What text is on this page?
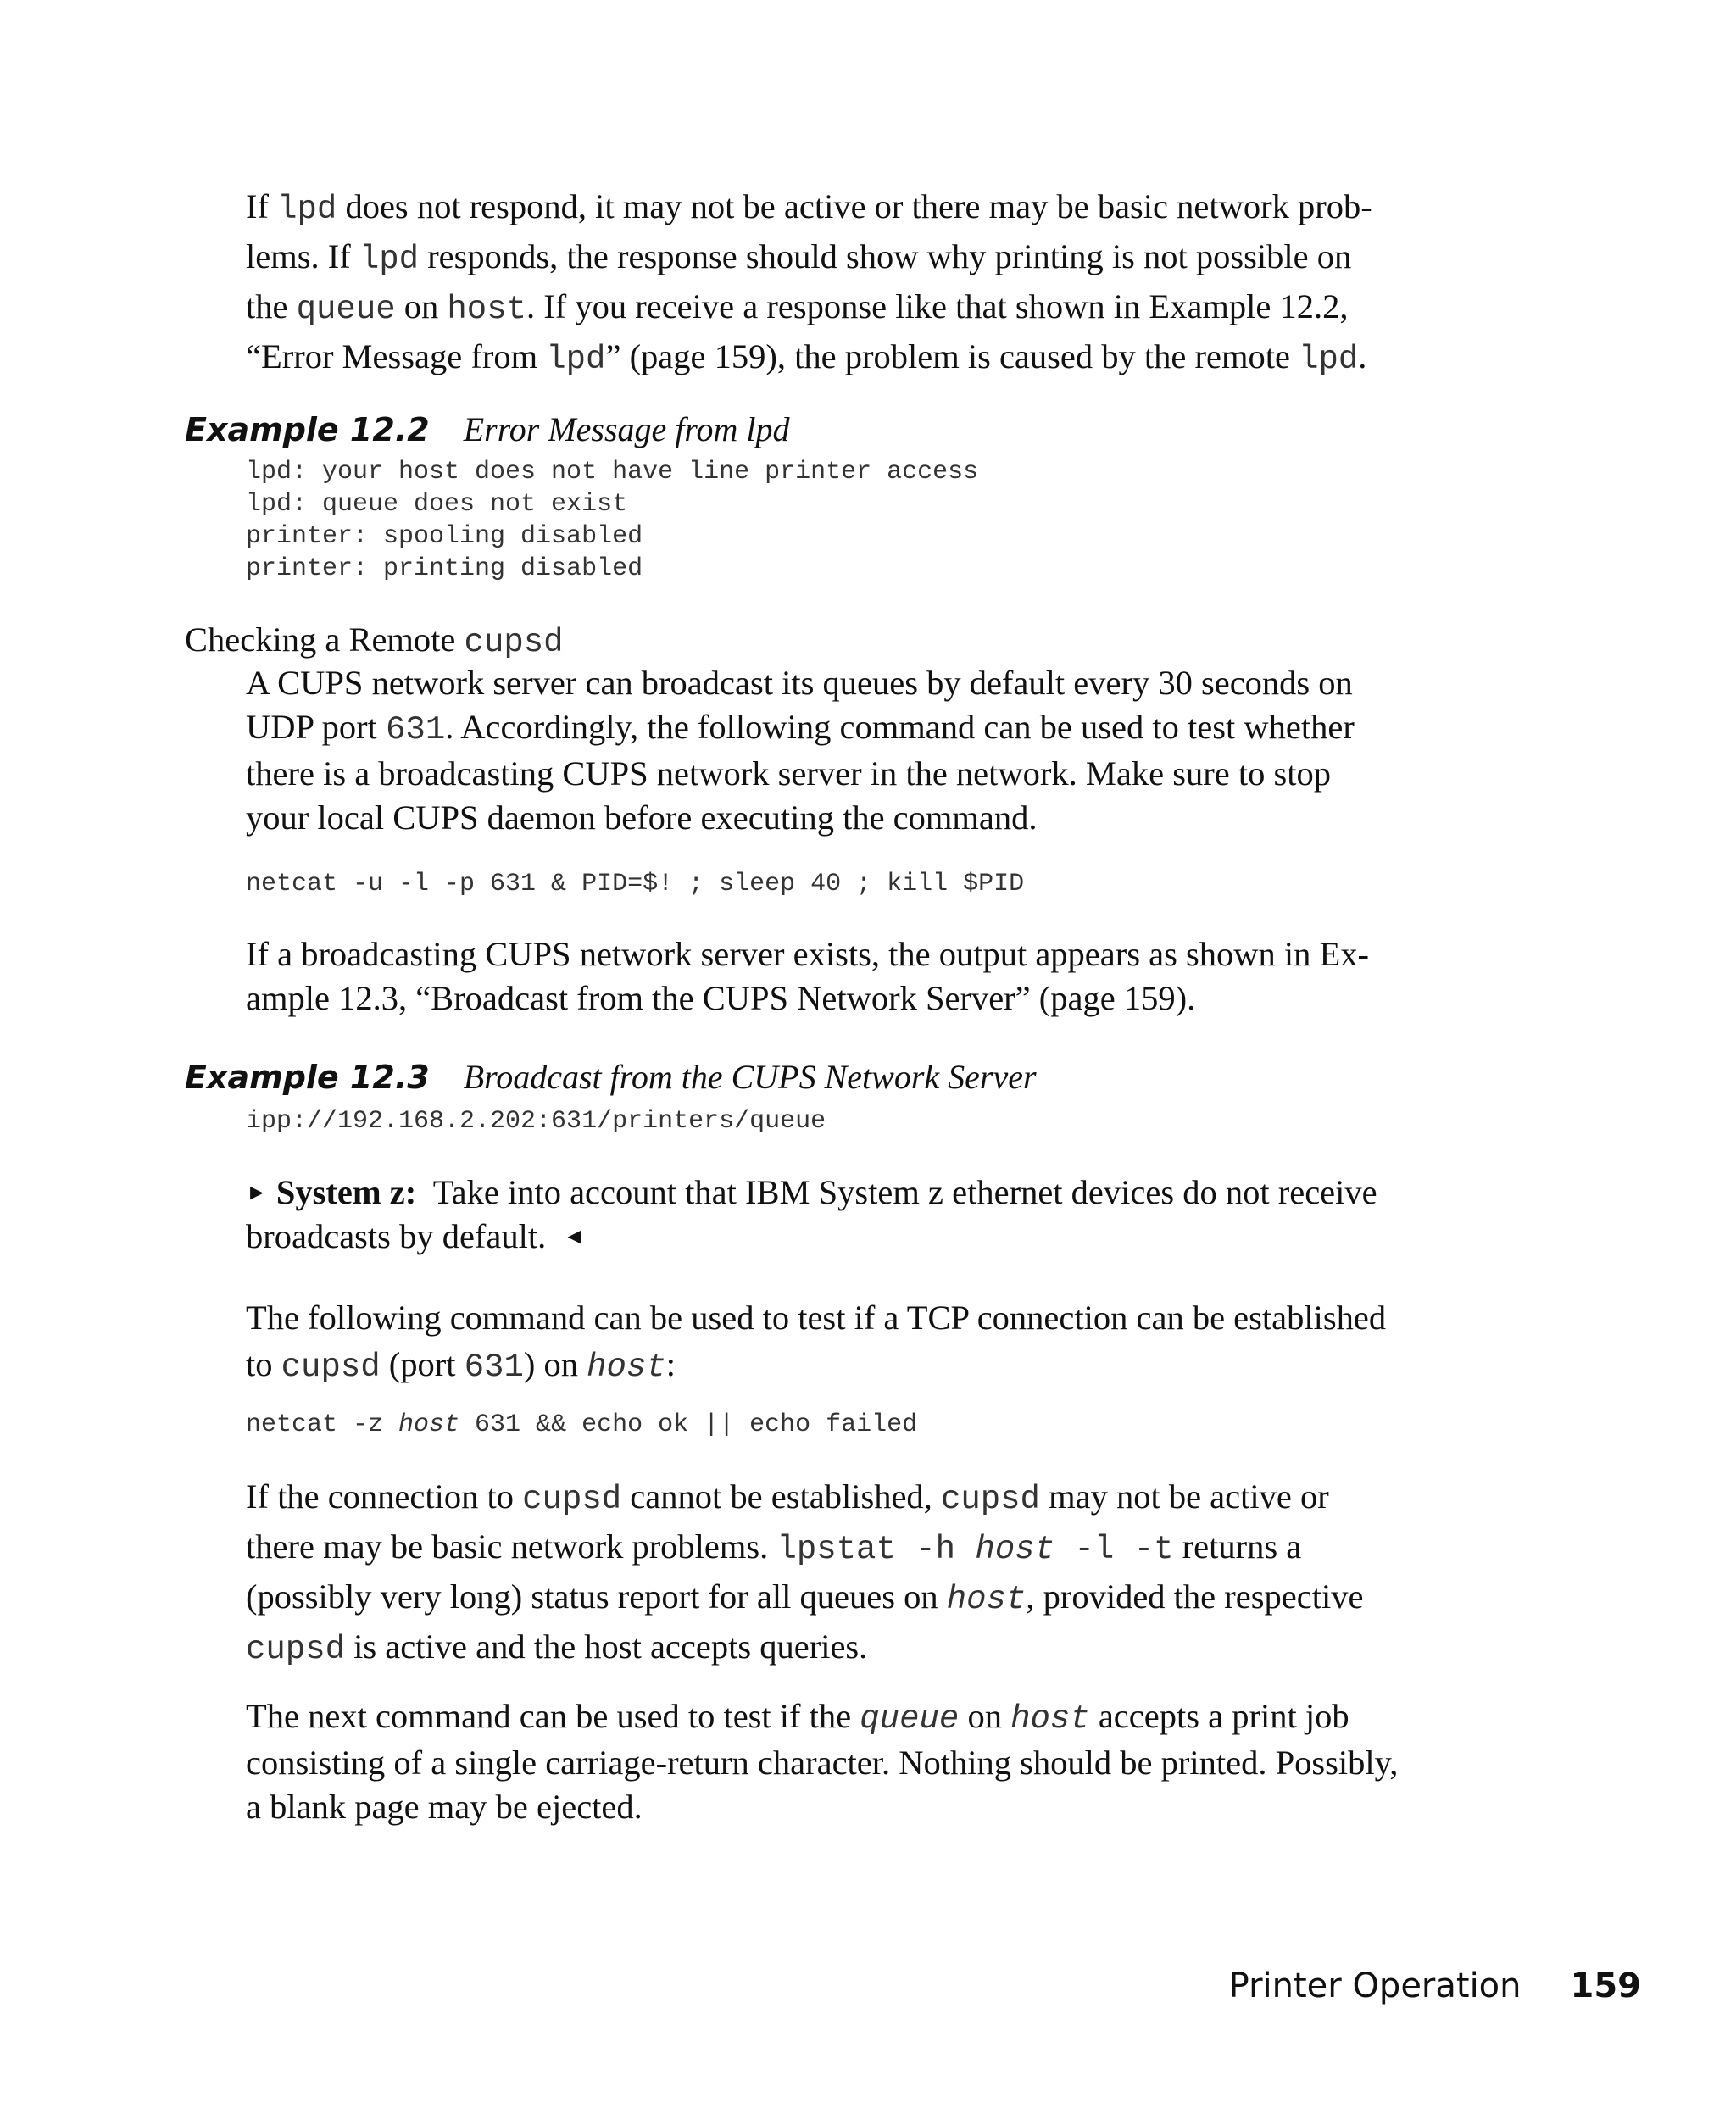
If lpd does not respond, it may not be active or there may be basic network prob-
lems. If lpd responds, the response should show why printing is not possible on
the queue on host. If you receive a response like that shown in Example 12.2,
“Error Message from lpd” (page 159), the problem is caused by the remote lpd.
Example 12.2 Error Message from lpd
lpd: your host does not have line printer access
lpd: queue does not exist
printer: spooling disabled
printer: printing disabled
Checking a Remote cupsd
A CUPS network server can broadcast its queues by default every 30 seconds on
UDP port 631. Accordingly, the following command can be used to test whether
there is a broadcasting CUPS network server in the network. Make sure to stop
your local CUPS daemon before executing the command.
netcat -u -l -p 631 & PID=$! ; sleep 40 ; kill $PID
If a broadcasting CUPS network server exists, the output appears as shown in Ex-
ample 12.3, “Broadcast from the CUPS Network Server” (page 159).
Example 12.3 Broadcast from the CUPS Network Server
ipp://192.168.2.202:631/printers/queue
► System z: Take into account that IBM System z ethernet devices do not receive
broadcasts by default. ◄
The following command can be used to test if a TCP connection can be established
to cupsd (port 631) on host:
netcat -z host 631 && echo ok || echo failed
If the connection to cupsd cannot be established, cupsd may not be active or
there may be basic network problems. lpstat -h host -l -t returns a
(possibly very long) status report for all queues on host, provided the respective
cupsd is active and the host accepts queries.
The next command can be used to test if the queue on host accepts a print job
consisting of a single carriage-return character. Nothing should be printed. Possibly,
a blank page may be ejected.
Printer Operation 159
